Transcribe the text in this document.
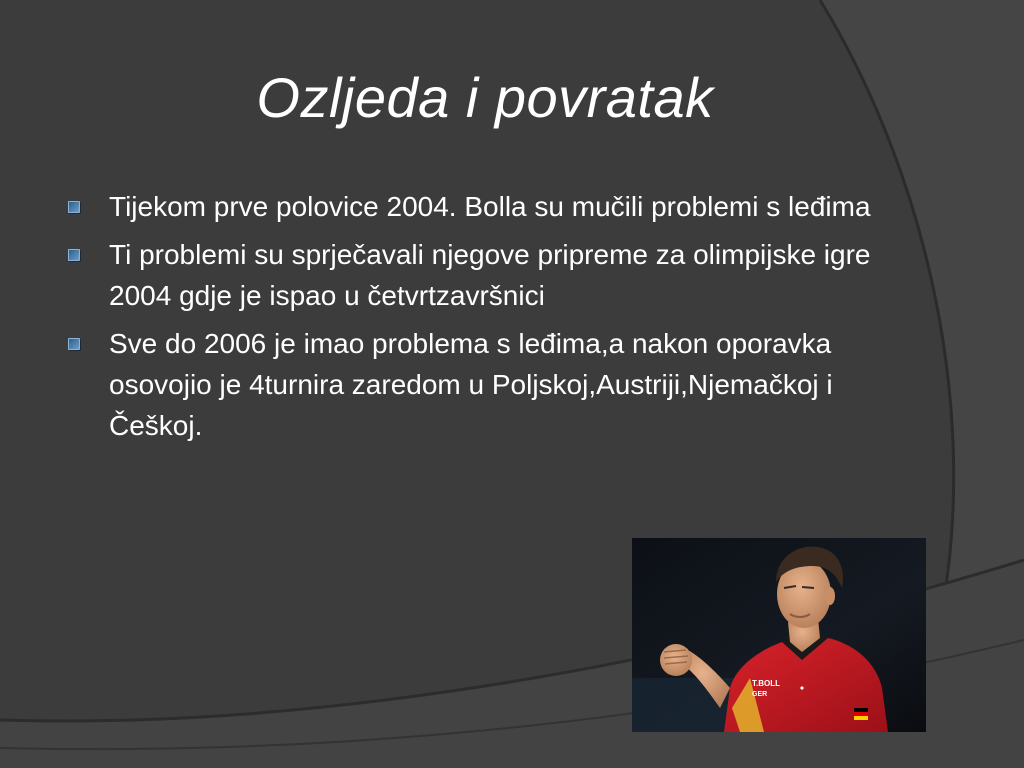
Ozljeda i povratak
Tijekom prve polovice 2004. Bolla su mučili problemi s leđima
Ti problemi su sprječavali njegove pripreme za olimpijske igre 2004 gdje je ispao u četvrtzavršnici
Sve do 2006 je imao problema s leđima,a nakon oporavka osovojio je 4turnira zaredom u Poljskoj,Austriji,Njemačkoj i Češkoj.
T.BOLL
GER
